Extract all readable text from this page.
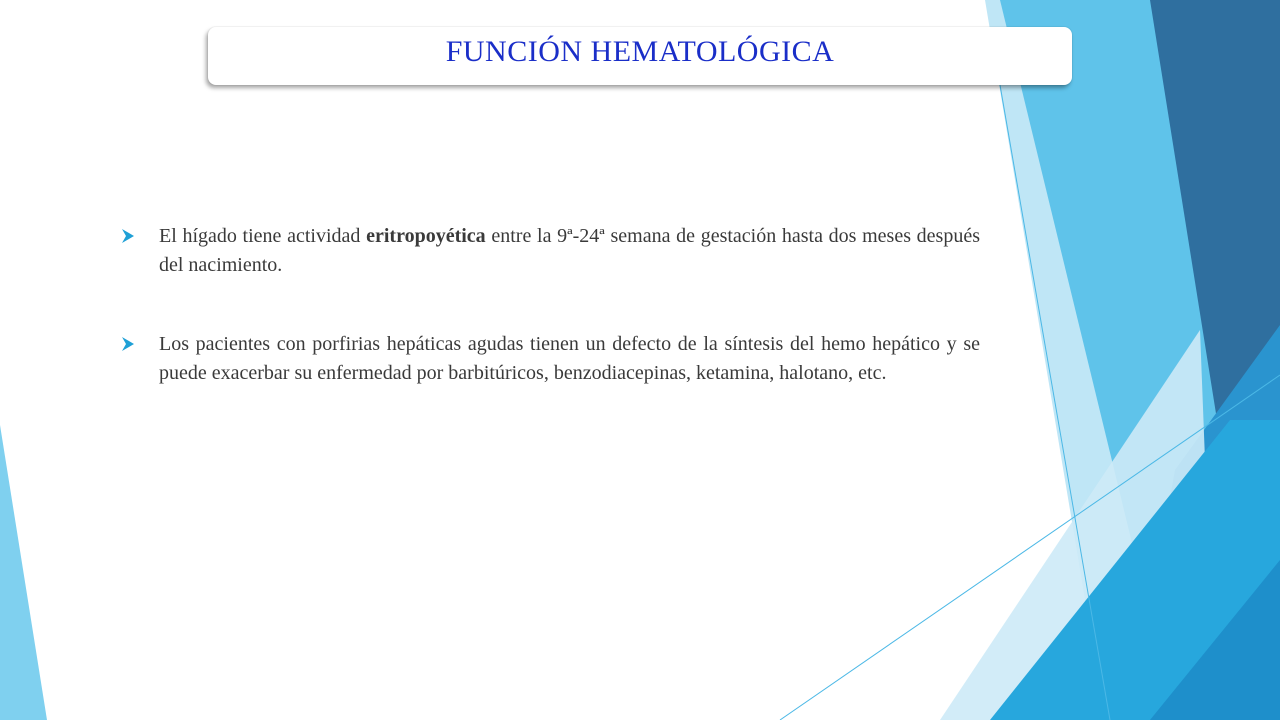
FUNCIÓN HEMATOLÓGICA

El hígado tiene actividad eritropoyética entre la 9ª-24ª semana de gestación hasta dos meses después del nacimiento.

Los pacientes con porfirias hepáticas agudas tienen un defecto de la síntesis del hemo hepático y se puede exacerbar su enfermedad por barbitúricos, benzodiacepinas, ketamina, halotano, etc.
